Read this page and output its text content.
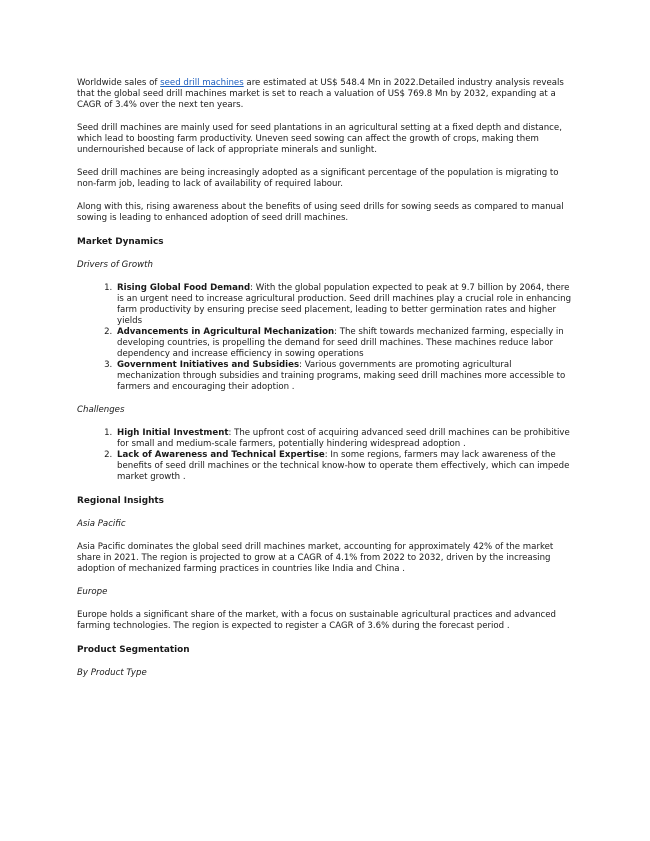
Worldwide sales of seed drill machines are estimated at US$ 548.4 Mn in 2022.Detailed industry analysis reveals that the global seed drill machines market is set to reach a valuation of US$ 769.8 Mn by 2032, expanding at a CAGR of 3.4% over the next ten years.

Seed drill machines are mainly used for seed plantations in an agricultural setting at a fixed depth and distance, which lead to boosting farm productivity. Uneven seed sowing can affect the growth of crops, making them undernourished because of lack of appropriate minerals and sunlight.

Seed drill machines are being increasingly adopted as a significant percentage of the population is migrating to non-farm job, leading to lack of availability of required labour.

Along with this, rising awareness about the benefits of using seed drills for sowing seeds as compared to manual sowing is leading to enhanced adoption of seed drill machines.

Market Dynamics

Drivers of Growth

1. Rising Global Food Demand: With the global population expected to peak at 9.7 billion by 2064, there is an urgent need to increase agricultural production. Seed drill machines play a crucial role in enhancing farm productivity by ensuring precise seed placement, leading to better germination rates and higher yields
2. Advancements in Agricultural Mechanization: The shift towards mechanized farming, especially in developing countries, is propelling the demand for seed drill machines. These machines reduce labor dependency and increase efficiency in sowing operations
3. Government Initiatives and Subsidies: Various governments are promoting agricultural mechanization through subsidies and training programs, making seed drill machines more accessible to farmers and encouraging their adoption .

Challenges

1. High Initial Investment: The upfront cost of acquiring advanced seed drill machines can be prohibitive for small and medium-scale farmers, potentially hindering widespread adoption .
2. Lack of Awareness and Technical Expertise: In some regions, farmers may lack awareness of the benefits of seed drill machines or the technical know-how to operate them effectively, which can impede market growth .
Regional Insights

Asia Pacific

Asia Pacific dominates the global seed drill machines market, accounting for approximately 42% of the market share in 2021. The region is projected to grow at a CAGR of 4.1% from 2022 to 2032, driven by the increasing adoption of mechanized farming practices in countries like India and China .

Europe

Europe holds a significant share of the market, with a focus on sustainable agricultural practices and advanced farming technologies. The region is expected to register a CAGR of 3.6% during the forecast period .

Product Segmentation

By Product Type
